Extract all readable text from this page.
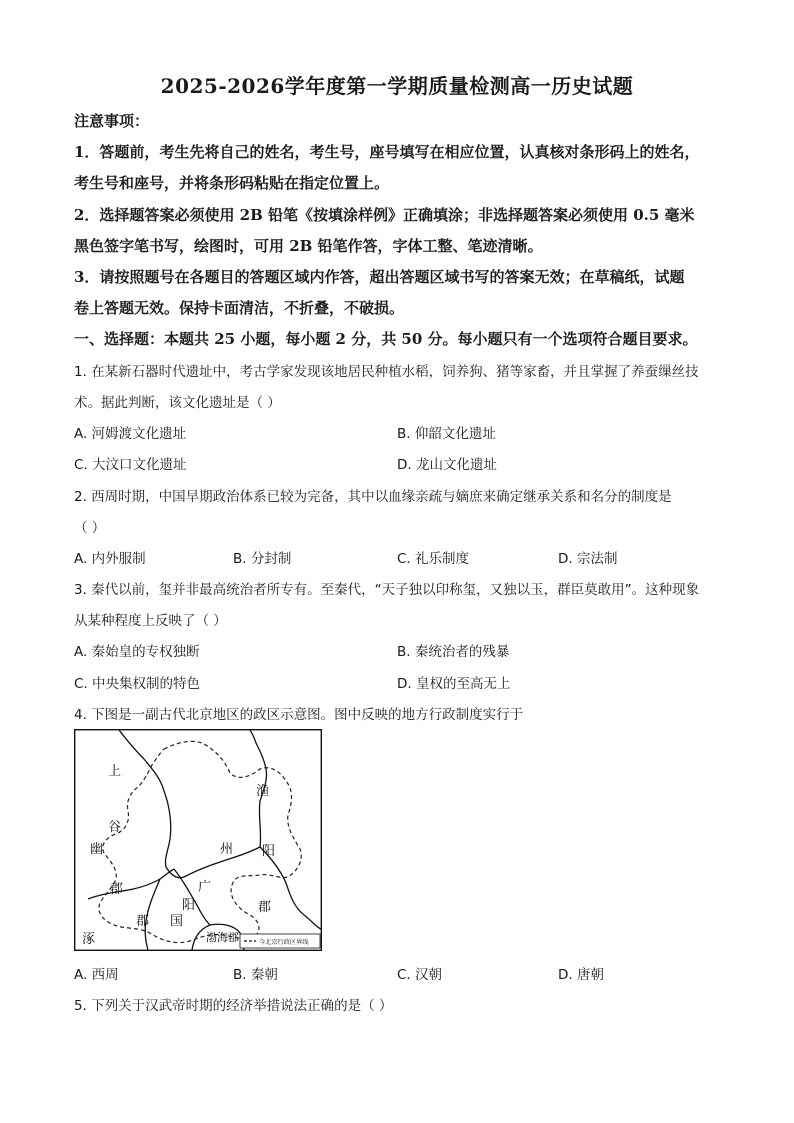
2025-2026学年度第一学期质量检测高一历史试题
注意事项：
1．答题前，考生先将自己的姓名，考生号，座号填写在相应位置，认真核对条形码上的姓名，
考生号和座号，并将条形码粘贴在指定位置上。
2．选择题答案必须使用 2B 铅笔《按填涂样例》正确填涂；非选择题答案必须使用 0.5 毫米
黑色签字笔书写，绘图时，可用 2B 铅笔作答，字体工整、笔迹清晰。
3．请按照题号在各题目的答题区域内作答，超出答题区域书写的答案无效；在草稿纸，试题
卷上答题无效。保持卡面清洁，不折叠，不破损。
一、选择题：本题共 25 小题，每小题 2 分，共 50 分。每小题只有一个选项符合题目要求。
1. 在某新石器时代遗址中，考古学家发现该地居民种植水稻，饲养狗、猪等家畜，并且掌握了养蚕缫丝技
术。据此判断，该文化遗址是（ ）
A. 河姆渡文化遗址	B. 仰韶文化遗址
C. 大汶口文化遗址	D. 龙山文化遗址
2. 西周时期，中国早期政治体系已较为完备，其中以血缘亲疏与嫡庶来确定继承关系和名分的制度是
（ ）
A. 内外服制	B. 分封制	C. 礼乐制度	D. 宗法制
3. 秦代以前，玺并非最高统治者所专有。至秦代，“天子独以印称玺，又独以玉，群臣莫敢用”。这种现象
从某种程度上反映了（ ）
A. 秦始皇的专权独断	B. 秦统治者的残暴
C. 中央集权制的特色	D. 皇权的至高无上
4. 下图是一副古代北京地区的政区示意图。图中反映的地方行政制度实行于
上
谷
幽
郡
渔
州 阳
广
阳
国
郡
郡
涿	渤海郡	今北京行政区界线
A. 西周	B. 秦朝	C. 汉朝	D. 唐朝
5. 下列关于汉武帝时期的经济举措说法正确的是（ ）
